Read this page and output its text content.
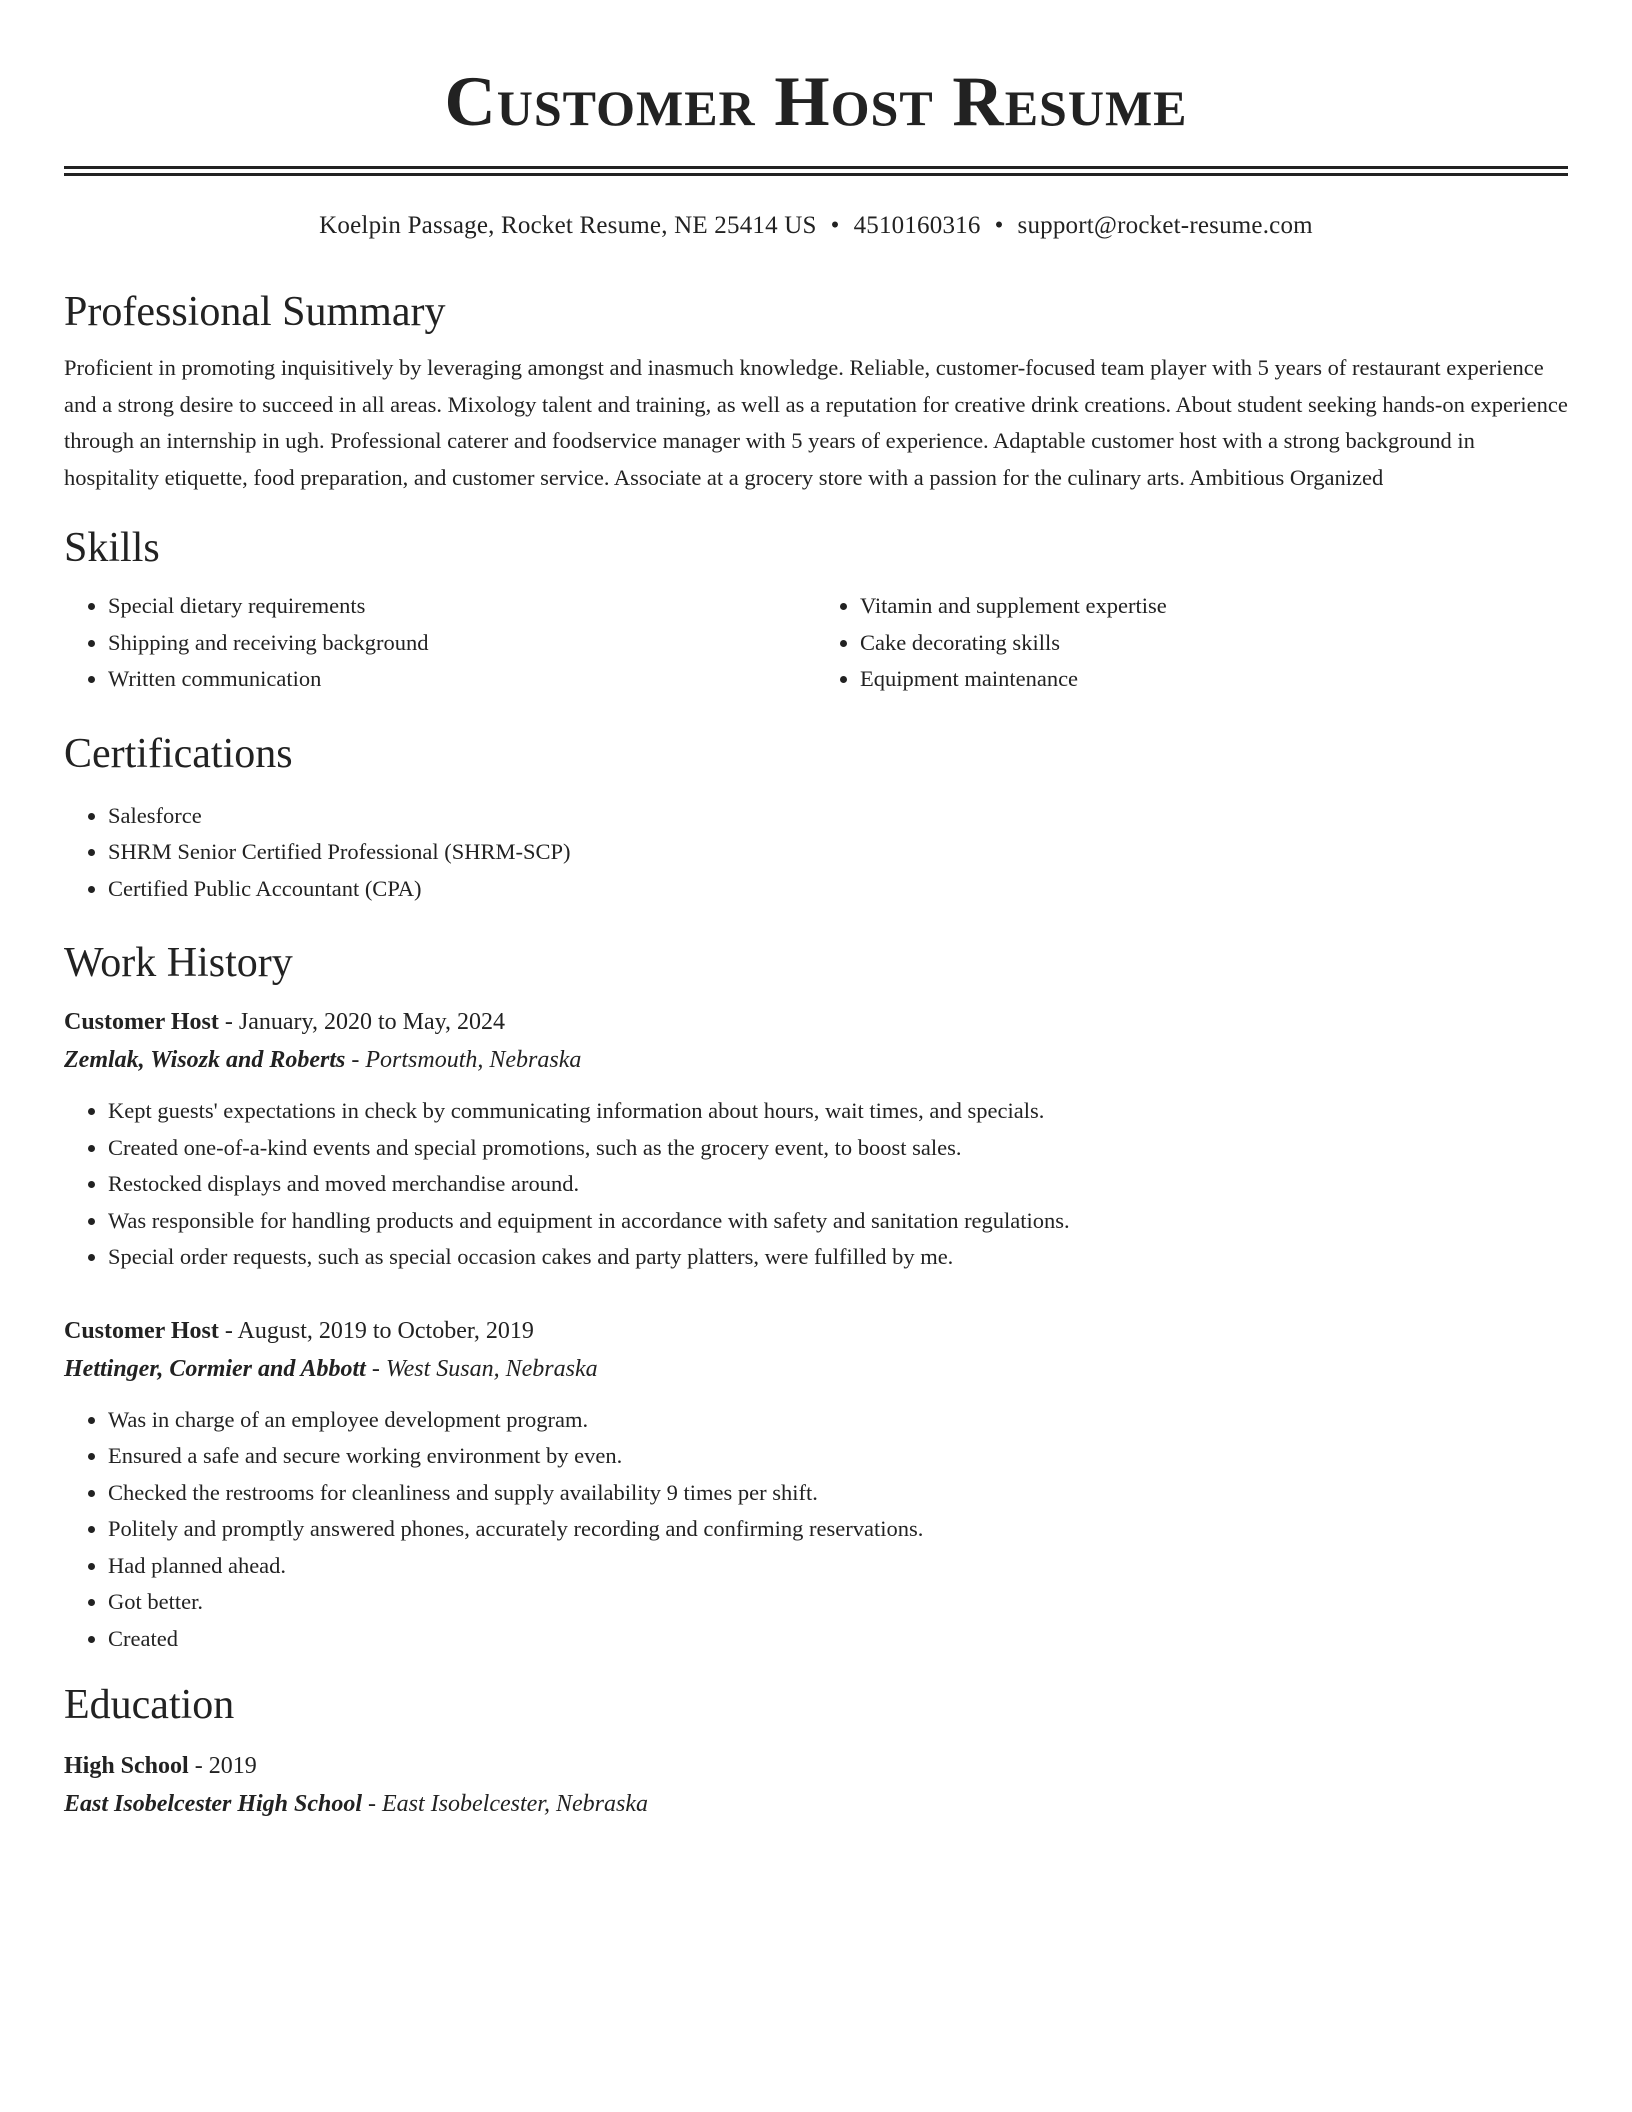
Customer Host Resume
Koelpin Passage, Rocket Resume, NE 25414 US • 4510160316 • support@rocket-resume.com
Professional Summary

Proficient in promoting inquisitively by leveraging amongst and inasmuch knowledge. Reliable, customer-focused team player with 5 years of restaurant experience and a strong desire to succeed in all areas. Mixology talent and training, as well as a reputation for creative drink creations. About student seeking hands-on experience through an internship in ugh. Professional caterer and foodservice manager with 5 years of experience. Adaptable customer host with a strong background in hospitality etiquette, food preparation, and customer service. Associate at a grocery store with a passion for the culinary arts. Ambitious Organized

Skills
• Special dietary requirements
• Shipping and receiving background
• Written communication
• Vitamin and supplement expertise
• Cake decorating skills
• Equipment maintenance
Certifications
• Salesforce
• SHRM Senior Certified Professional (SHRM-SCP)
• Certified Public Accountant (CPA)
Work History
Customer Host - January, 2020 to May, 2024
Zemlak, Wisozk and Roberts - Portsmouth, Nebraska
• Kept guests' expectations in check by communicating information about hours, wait times, and specials.
• Created one-of-a-kind events and special promotions, such as the grocery event, to boost sales.
• Restocked displays and moved merchandise around.
• Was responsible for handling products and equipment in accordance with safety and sanitation regulations.
• Special order requests, such as special occasion cakes and party platters, were fulfilled by me.
Customer Host - August, 2019 to October, 2019
Hettinger, Cormier and Abbott - West Susan, Nebraska
• Was in charge of an employee development program.
• Ensured a safe and secure working environment by even.
• Checked the restrooms for cleanliness and supply availability 9 times per shift.
• Politely and promptly answered phones, accurately recording and confirming reservations.
• Had planned ahead.
• Got better.
• Created
Education
High School - 2019
East Isobelcester High School - East Isobelcester, Nebraska
